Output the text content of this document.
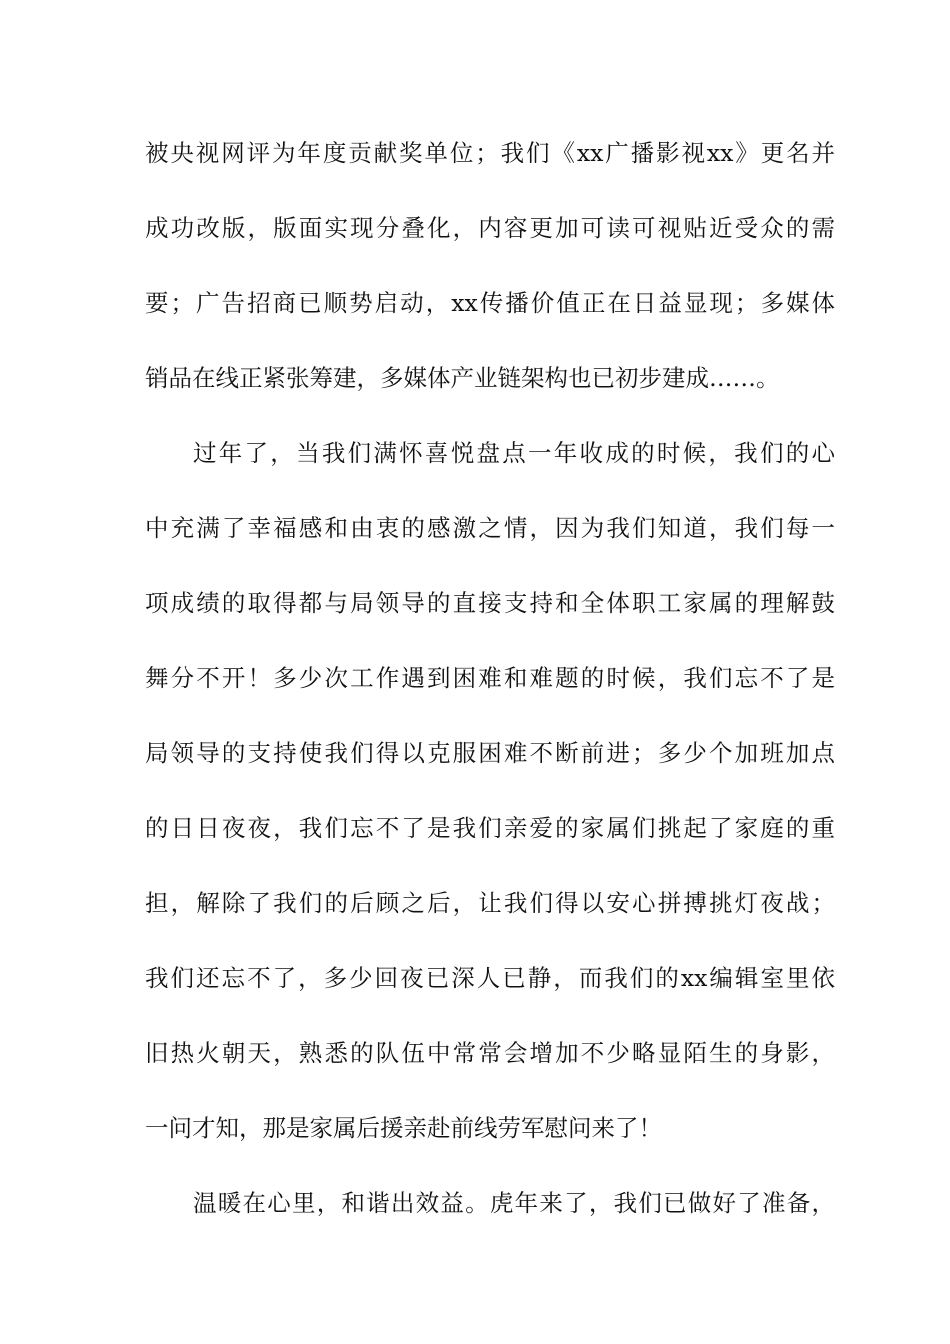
被央视网评为年度贡献奖单位；我们《xx广播影视xx》更名并
成功改版，版面实现分叠化，内容更加可读可视贴近受众的需
要；广告招商已顺势启动，xx传播价值正在日益显现；多媒体
销品在线正紧张筹建，多媒体产业链架构也已初步建成……。
过年了，当我们满怀喜悦盘点一年收成的时候，我们的心
中充满了幸福感和由衷的感激之情，因为我们知道，我们每一
项成绩的取得都与局领导的直接支持和全体职工家属的理解鼓
舞分不开！多少次工作遇到困难和难题的时候，我们忘不了是
局领导的支持使我们得以克服困难不断前进；多少个加班加点
的日日夜夜，我们忘不了是我们亲爱的家属们挑起了家庭的重
担，解除了我们的后顾之后，让我们得以安心拼搏挑灯夜战；
我们还忘不了，多少回夜已深人已静，而我们的xx编辑室里依
旧热火朝天，熟悉的队伍中常常会增加不少略显陌生的身影，
一问才知，那是家属后援亲赴前线劳军慰问来了！
温暖在心里，和谐出效益。虎年来了，我们已做好了准备，
